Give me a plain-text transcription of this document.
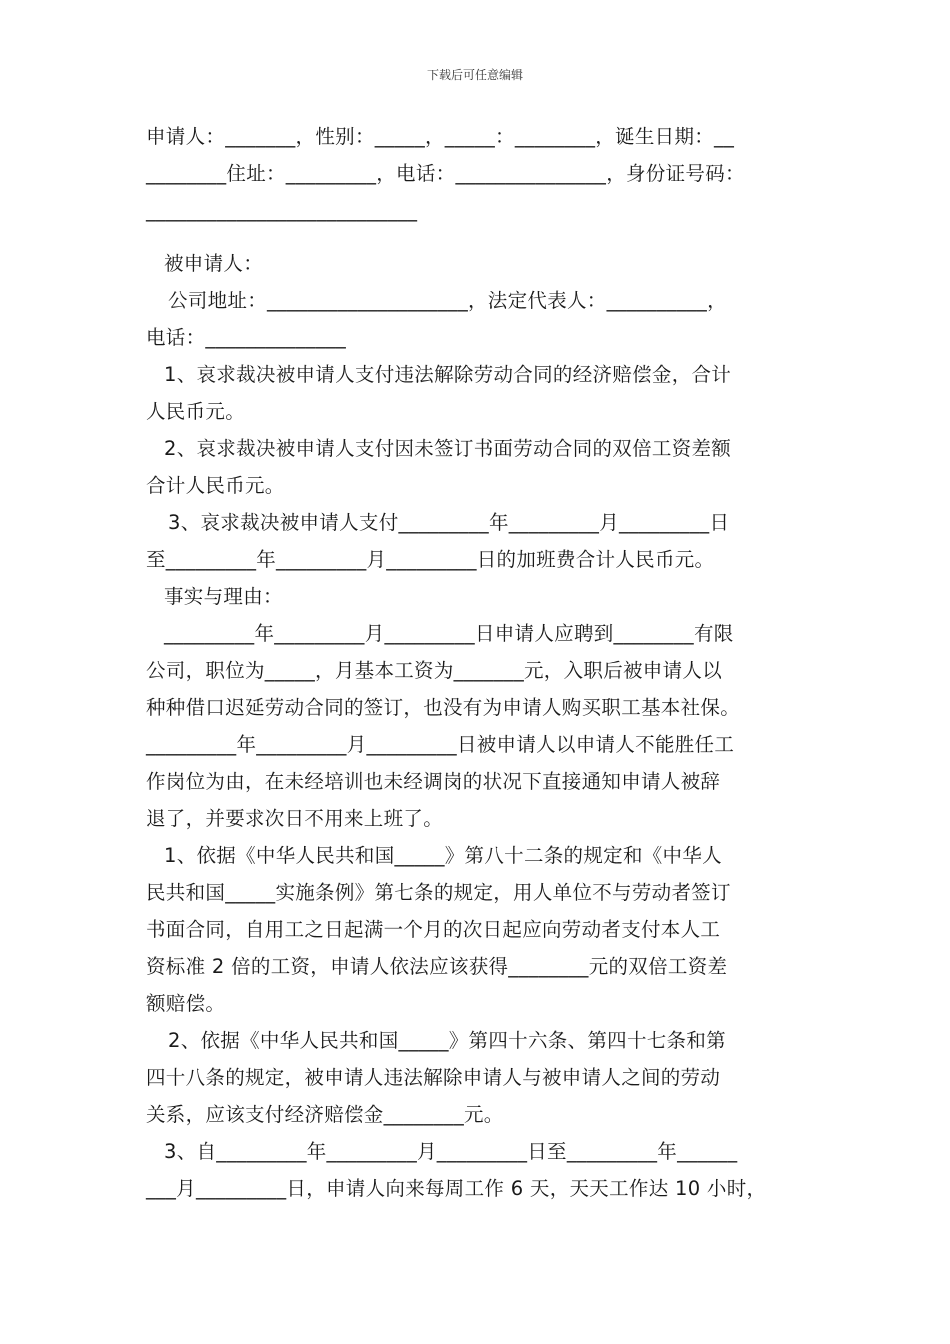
下载后可任意编辑
申请人：_______，性别：_____，_____：________，诞生日期：__
________住址：_________，电话：_______________，身份证号码：
___________________________
被申请人：
公司地址：____________________，法定代表人：__________，
电话：______________
1、哀求裁决被申请人支付违法解除劳动合同的经济赔偿金，合计
人民币元。
2、哀求裁决被申请人支付因未签订书面劳动合同的双倍工资差额
合计人民币元。
3、哀求裁决被申请人支付_________年_________月_________日
至_________年_________月_________日的加班费合计人民币元。
事实与理由：
_________年_________月_________日申请人应聘到________有限
公司，职位为_____，月基本工资为_______元，入职后被申请人以
种种借口迟延劳动合同的签订，也没有为申请人购买职工基本社保。
_________年_________月_________日被申请人以申请人不能胜任工
作岗位为由，在未经培训也未经调岗的状况下直接通知申请人被辞
退了，并要求次日不用来上班了。
1、依据《中华人民共和国_____》第八十二条的规定和《中华人
民共和国_____实施条例》第七条的规定，用人单位不与劳动者签订
书面合同，自用工之日起满一个月的次日起应向劳动者支付本人工
资标准 2 倍的工资，申请人依法应该获得________元的双倍工资差
额赔偿。
2、依据《中华人民共和国_____》第四十六条、第四十七条和第
四十八条的规定，被申请人违法解除申请人与被申请人之间的劳动
关系，应该支付经济赔偿金________元。
3、自_________年_________月_________日至_________年______
___月_________日，申请人向来每周工作 6 天，天天工作达 10 小时，
